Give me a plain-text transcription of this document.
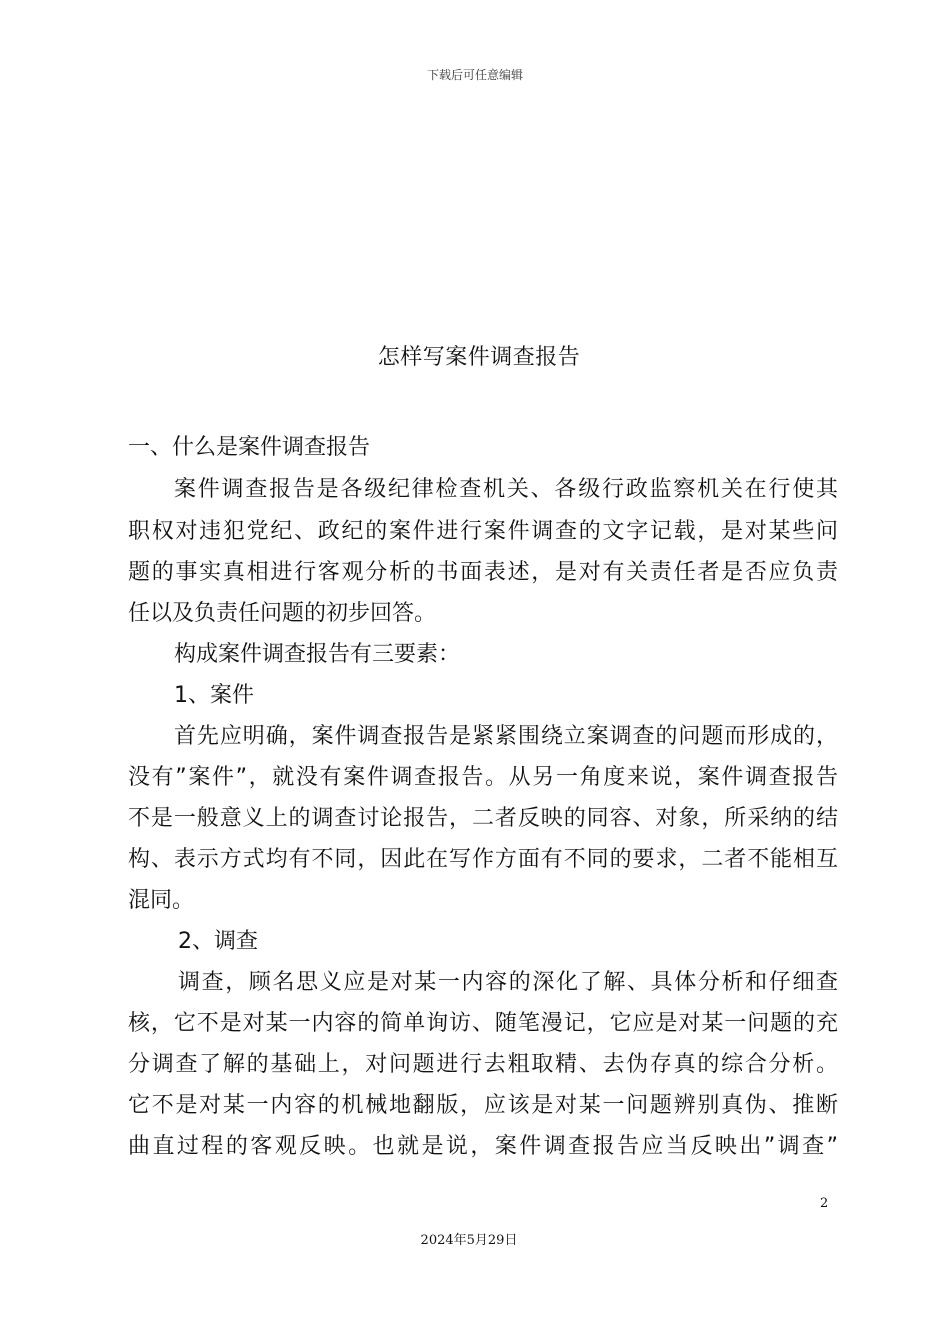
下载后可任意编辑
怎样写案件调查报告
一、什么是案件调查报告
案件调查报告是各级纪律检查机关、各级行政监察机关在行使其
职权对违犯党纪、政纪的案件进行案件调查的文字记载，是对某些问
题的事实真相进行客观分析的书面表述，是对有关责任者是否应负责
任以及负责任问题的初步回答。
构成案件调查报告有三要素：
1、案件
首先应明确，案件调查报告是紧紧围绕立案调查的问题而形成的，
没有”案件”，就没有案件调查报告。从另一角度来说，案件调查报告
不是一般意义上的调查讨论报告，二者反映的同容、对象，所采纳的结
构、表示方式均有不同，因此在写作方面有不同的要求，二者不能相互
混同。
2、调查
调查，顾名思义应是对某一内容的深化了解、具体分析和仔细查
核，它不是对某一内容的简单询访、随笔漫记，它应是对某一问题的充
分调查了解的基础上，对问题进行去粗取精、去伪存真的综合分析。
它不是对某一内容的机械地翻版，应该是对某一问题辨别真伪、推断
曲直过程的客观反映。也就是说，案件调查报告应当反映出”调查”
2
2024年5月29日
